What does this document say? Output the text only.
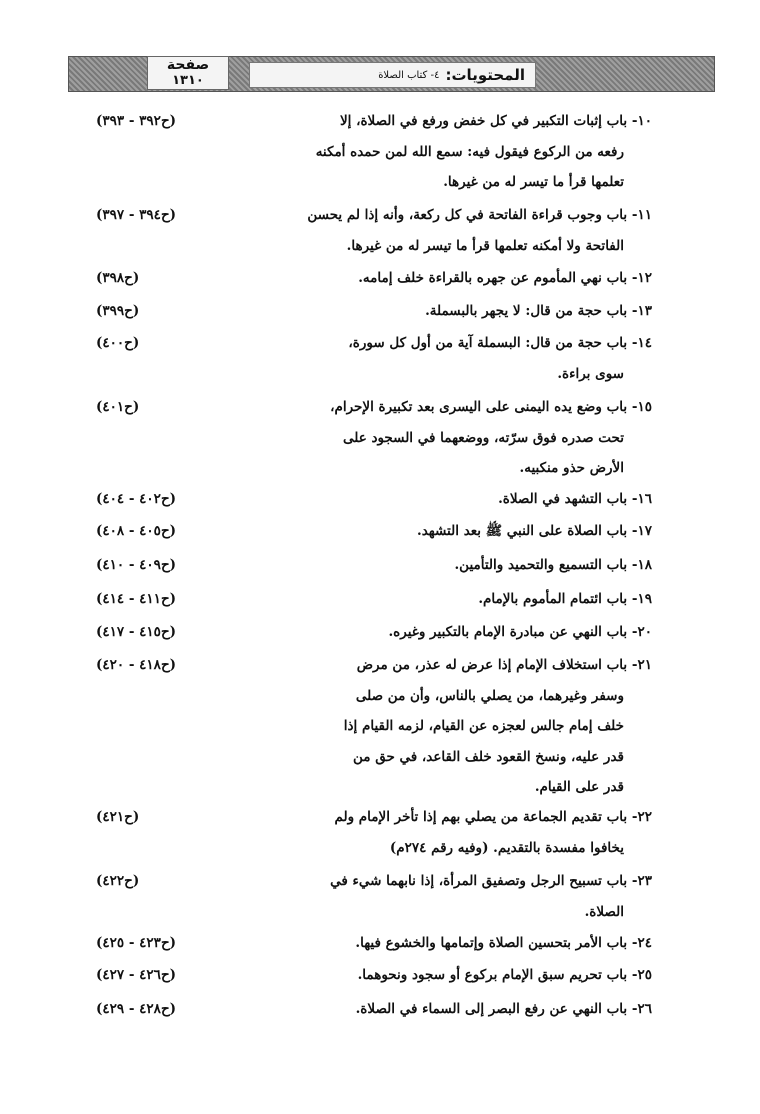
صفحة
١٣١٠	المحتويات:
٤- كتاب الصلاة
١٠- باب إثبات التكبير في كل خفض ورفع في الصلاة، إلا
رفعه من الركوع فيقول فيه: سمع الله لمن حمده أمكنه
تعلمها قرأ ما تيسر له من غيرها.
(ح٣٩٢ - ٣٩٣)
١١- باب وجوب قراءة الفاتحة في كل ركعة، وأنه إذا لم يحسن
الفاتحة ولا أمكنه تعلمها قرأ ما تيسر له من غيرها.
(ح٣٩٤ - ٣٩٧)
١٢- باب نهي المأموم عن جهره بالقراءة خلف إمامه.
(ح٣٩٨)
١٣- باب حجة من قال: لا يجهر بالبسملة.
(ح٣٩٩)
١٤- باب حجة من قال: البسملة آية من أول كل سورة،
سوى براءة.
(ح٤٠٠)
١٥- باب وضع يده اليمنى على اليسرى بعد تكبيرة الإحرام،
تحت صدره فوق سرّته، ووضعهما في السجود على
الأرض حذو منكبيه.
(ح٤٠١)
١٦- باب التشهد في الصلاة.
(ح٤٠٢ - ٤٠٤)
١٧- باب الصلاة على النبي ﷺ بعد التشهد.
(ح٤٠٥ - ٤٠٨)
١٨- باب التسميع والتحميد والتأمين.
(ح٤٠٩ - ٤١٠)
١٩- باب ائتمام المأموم بالإمام.
(ح٤١١ - ٤١٤)
٢٠- باب النهي عن مبادرة الإمام بالتكبير وغيره.
(ح٤١٥ - ٤١٧)
٢١- باب استخلاف الإمام إذا عرض له عذر، من مرض
وسفر وغيرهما، من يصلي بالناس، وأن من صلى
خلف إمام جالس لعجزه عن القيام، لزمه القيام إذا
قدر عليه، ونسخ القعود خلف القاعد، في حق من
قدر على القيام.
(ح٤١٨ - ٤٢٠)
٢٢- باب تقديم الجماعة من يصلي بهم إذا تأخر الإمام ولم
يخافوا مفسدة بالتقديم. (وفيه رقم ٢٧٤م)
(ح٤٢١)
٢٣- باب تسبيح الرجل وتصفيق المرأة، إذا نابهما شيء في
الصلاة.
(ح٤٢٢)
٢٤- باب الأمر بتحسين الصلاة وإتمامها والخشوع فيها.
(ح٤٢٣ - ٤٢٥)
٢٥- باب تحريم سبق الإمام بركوع أو سجود ونحوهما.
(ح٤٢٦ - ٤٢٧)
٢٦- باب النهي عن رفع البصر إلى السماء في الصلاة.
(ح٤٢٨ - ٤٢٩)
